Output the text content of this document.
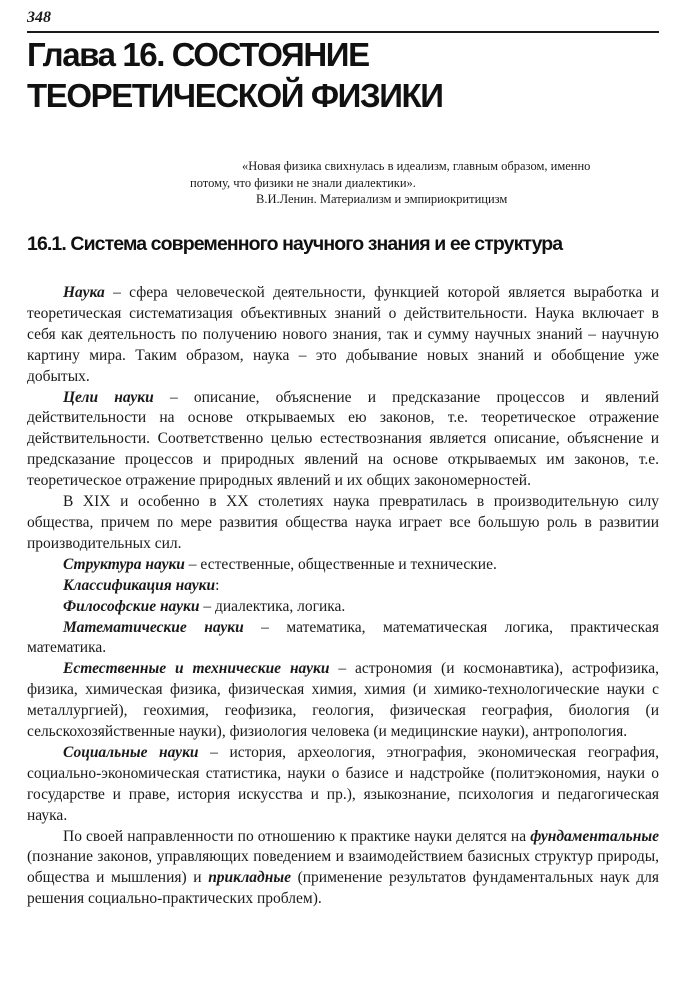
348
Глава 16. СОСТОЯНИЕ
ТЕОРЕТИЧЕСКОЙ ФИЗИКИ
«Новая физика свихнулась в идеализм, главным образом, именно
потому, что физики не знали диалектики».
В.И.Ленин. Материализм и эмпириокритицизм
16.1. Система современного научного знания и ее структура

Наука – сфера человеческой деятельности, функцией которой является выработка и теоретическая систематизация объективных знаний о действительности. Наука включает в себя как деятельность по получению нового знания, так и сумму научных знаний – научную картину мира. Таким образом, наука – это добывание новых знаний и обобщение уже добытых.

Цели науки – описание, объяснение и предсказание процессов и явлений действительности на основе открываемых ею законов, т.е. теоретическое отражение действительности. Соответственно целью естествознания является описание, объяснение и предсказание процессов и природных явлений на основе открываемых им законов, т.е. теоретическое отражение природных явлений и их общих закономерностей.

В XIX и особенно в XX столетиях наука превратилась в производительную силу общества, причем по мере развития общества наука играет все большую роль в развитии производительных сил.

Структура науки – естественные, общественные и технические.

Классификация науки:

Философские науки – диалектика, логика.

Математические науки – математика, математическая логика, практическая математика.

Естественные и технические науки – астрономия (и космонавтика), астрофизика, физика, химическая физика, физическая химия, химия (и химико-технологические науки с металлургией), геохимия, геофизика, геология, физическая география, биология (и сельскохозяйственные науки), физиология человека (и медицинские науки), антропология.

Социальные науки – история, археология, этнография, экономическая география, социально-экономическая статистика, науки о базисе и надстройке (политэкономия, науки о государстве и праве, история искусства и пр.), языкознание, психология и педагогическая наука.

По своей направленности по отношению к практике науки делятся на фундаментальные (познание законов, управляющих поведением и взаимодействием базисных структур природы, общества и мышления) и прикладные (применение результатов фундаментальных наук для решения социально-практических проблем).
